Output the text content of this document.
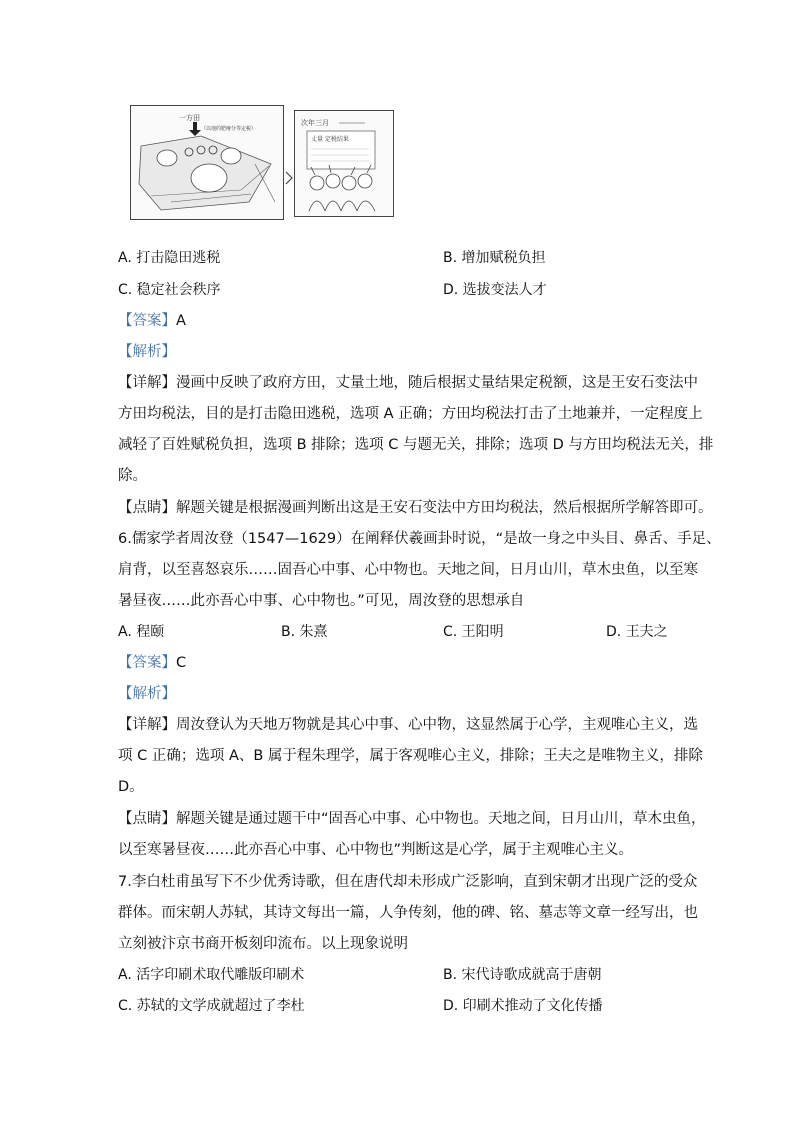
一方田
（以地的肥瘠分等定税）
次年三月
丈量 定税结果
A. 打击隐田逃税	B. 增加赋税负担
C. 稳定社会秩序	D. 选拔变法人才
【答案】A
【解析】
【详解】漫画中反映了政府方田，丈量土地，随后根据丈量结果定税额，这是王安石变法中
方田均税法，目的是打击隐田逃税，选项 A 正确；方田均税法打击了土地兼并，一定程度上
减轻了百姓赋税负担，选项 B 排除；选项 C 与题无关，排除；选项 D 与方田均税法无关，排
除。
【点睛】解题关键是根据漫画判断出这是王安石变法中方田均税法，然后根据所学解答即可。
6.儒家学者周汝登（1547—1629）在阐释伏羲画卦时说，“是故一身之中头目、鼻舌、手足、
肩背，以至喜怒哀乐……固吾心中事、心中物也。天地之间，日月山川，草木虫鱼，以至寒
暑昼夜……此亦吾心中事、心中物也。”可见，周汝登的思想承自
A. 程颐	B. 朱熹	C. 王阳明	D. 王夫之
【答案】C
【解析】
【详解】周汝登认为天地万物就是其心中事、心中物，这显然属于心学，主观唯心主义，选
项 C 正确；选项 A、B 属于程朱理学，属于客观唯心主义，排除；王夫之是唯物主义，排除
D。
【点睛】解题关键是通过题干中“固吾心中事、心中物也。天地之间，日月山川，草木虫鱼，
以至寒暑昼夜……此亦吾心中事、心中物也”判断这是心学，属于主观唯心主义。
7.李白杜甫虽写下不少优秀诗歌，但在唐代却未形成广泛影响，直到宋朝才出现广泛的受众
群体。而宋朝人苏轼，其诗文每出一篇，人争传刻，他的碑、铭、墓志等文章一经写出，也
立刻被汴京书商开板刻印流布。以上现象说明
A. 活字印刷术取代雕版印刷术	B. 宋代诗歌成就高于唐朝
C. 苏轼的文学成就超过了李杜	D. 印刷术推动了文化传播
